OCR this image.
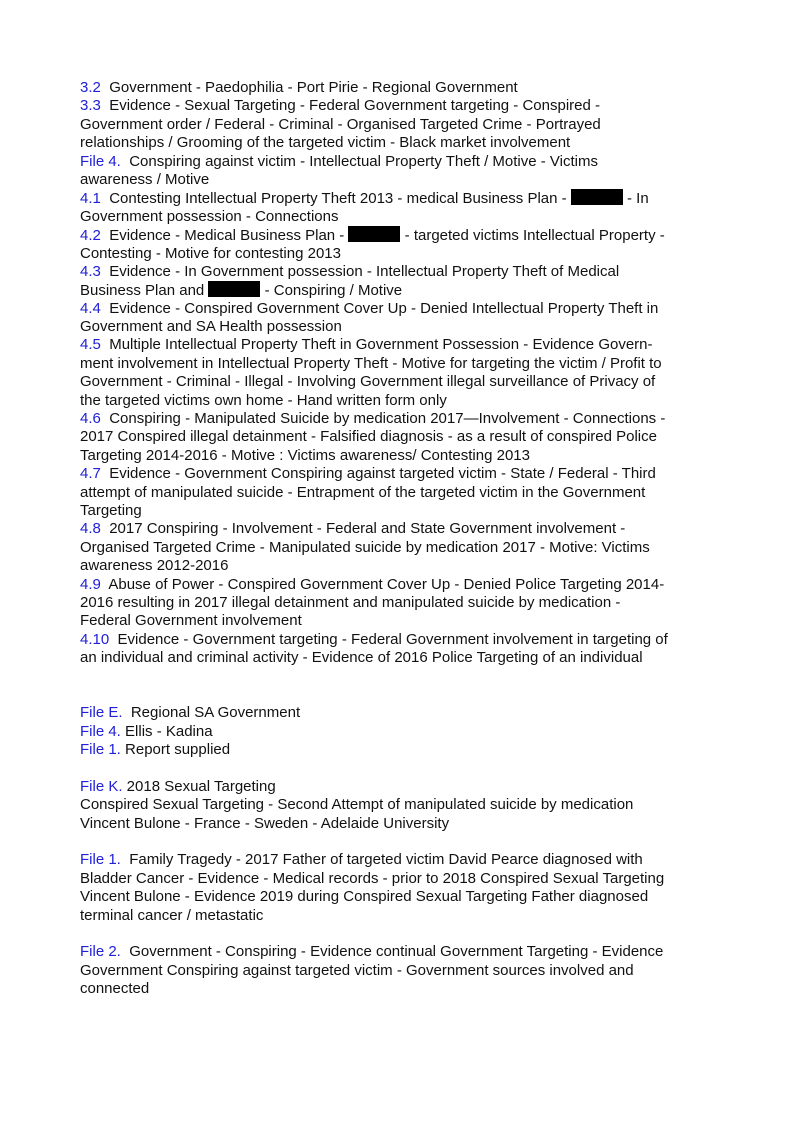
3.2  Government - Paedophilia - Port Pirie - Regional Government
3.3  Evidence - Sexual Targeting - Federal Government targeting - Conspired -
Government order / Federal - Criminal - Organised Targeted Crime - Portrayed
relationships / Grooming of the targeted victim - Black market involvement
File 4.  Conspiring against victim - Intellectual Property Theft / Motive - Victims
awareness / Motive
4.1  Contesting Intellectual Property Theft 2013 - medical Business Plan -	- In
Government possession - Connections
4.2  Evidence - Medical Business Plan -	- targeted victims Intellectual Property -
Contesting - Motive for contesting 2013
4.3  Evidence - In Government possession - Intellectual Property Theft of Medical
Business Plan and	- Conspiring / Motive
4.4  Evidence - Conspired Government Cover Up - Denied Intellectual Property Theft in
Government and SA Health possession
4.5  Multiple Intellectual Property Theft in Government Possession - Evidence Govern-
ment involvement in Intellectual Property Theft - Motive for targeting the victim / Profit to
Government - Criminal - Illegal - Involving Government illegal surveillance of Privacy of
the targeted victims own home - Hand written form only
4.6  Conspiring - Manipulated Suicide by medication 2017—Involvement - Connections -
2017 Conspired illegal detainment - Falsified diagnosis - as a result of conspired Police
Targeting 2014-2016 - Motive : Victims awareness/ Contesting 2013
4.7  Evidence - Government Conspiring against targeted victim - State / Federal - Third
attempt of manipulated suicide - Entrapment of the targeted victim in the Government
Targeting
4.8  2017 Conspiring - Involvement - Federal and State Government involvement -
Organised Targeted Crime - Manipulated suicide by medication 2017 - Motive: Victims
awareness 2012-2016
4.9  Abuse of Power - Conspired Government Cover Up - Denied Police Targeting 2014-
2016 resulting in 2017 illegal detainment and manipulated suicide by medication -
Federal Government involvement
4.10  Evidence - Government targeting - Federal Government involvement in targeting of
an individual and criminal activity - Evidence of 2016 Police Targeting of an individual
File E.  Regional SA Government
File 4. Ellis - Kadina
File 1. Report supplied
File K. 2018 Sexual Targeting
Conspired Sexual Targeting - Second Attempt of manipulated suicide by medication
Vincent Bulone - France - Sweden - Adelaide University
File 1.  Family Tragedy - 2017 Father of targeted victim David Pearce diagnosed with
Bladder Cancer - Evidence - Medical records - prior to 2018 Conspired Sexual Targeting
Vincent Bulone - Evidence 2019 during Conspired Sexual Targeting Father diagnosed
terminal cancer / metastatic
File 2.  Government - Conspiring - Evidence continual Government Targeting - Evidence
Government Conspiring against targeted victim - Government sources involved and
connected
